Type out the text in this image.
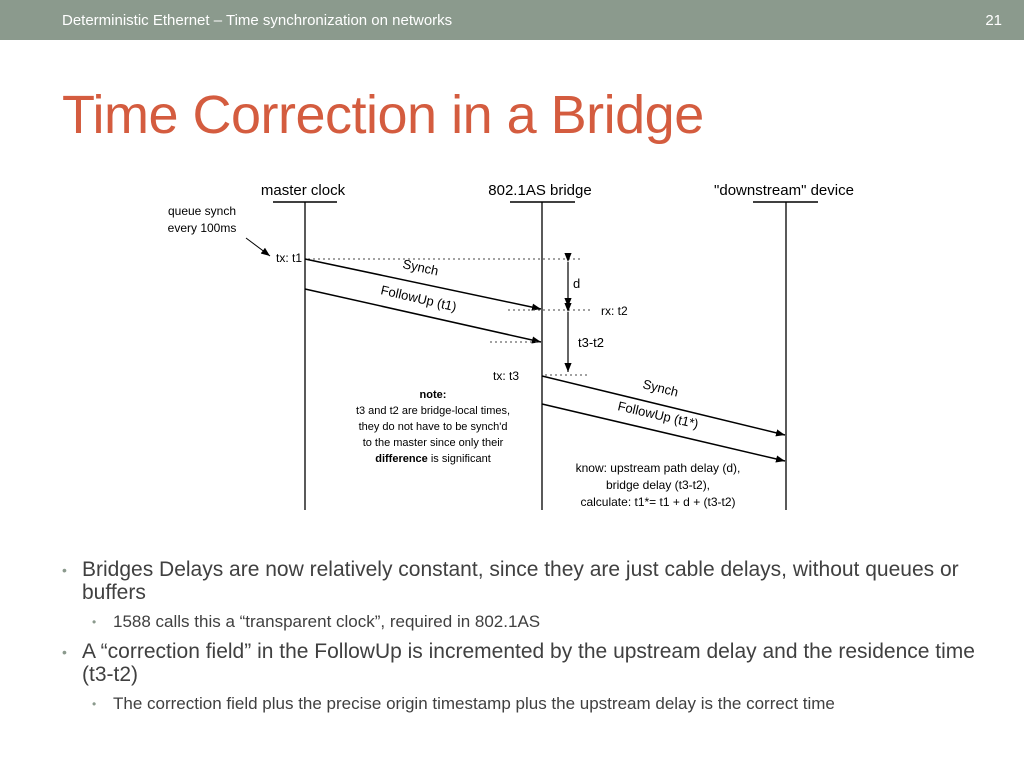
Deterministic Ethernet – Time synchronization on networks	21
Time Correction in a Bridge
master clock	802.1AS bridge	"downstream" device
queue synch
every 100ms
tx: t1	Synch
FollowUp (t1)	d
rx: t2
t3-t2
tx: t3
Synch
FollowUp (t1*)
note:
t3 and t2 are bridge-local times,
they do not have to be synch'd
to the master since only their
difference is significant
know: upstream path delay (d),
bridge delay (t3-t2),
calculate: t1*= t1 + d + (t3-t2)
• Bridges Delays are now relatively constant, since they are just cable delays, without queues or buffers
• 1588 calls this a “transparent clock”, required in 802.1AS
• A “correction field” in the FollowUp is incremented by the upstream delay and the residence time (t3-t2)
• The correction field plus the precise origin timestamp plus the upstream delay is the correct time
